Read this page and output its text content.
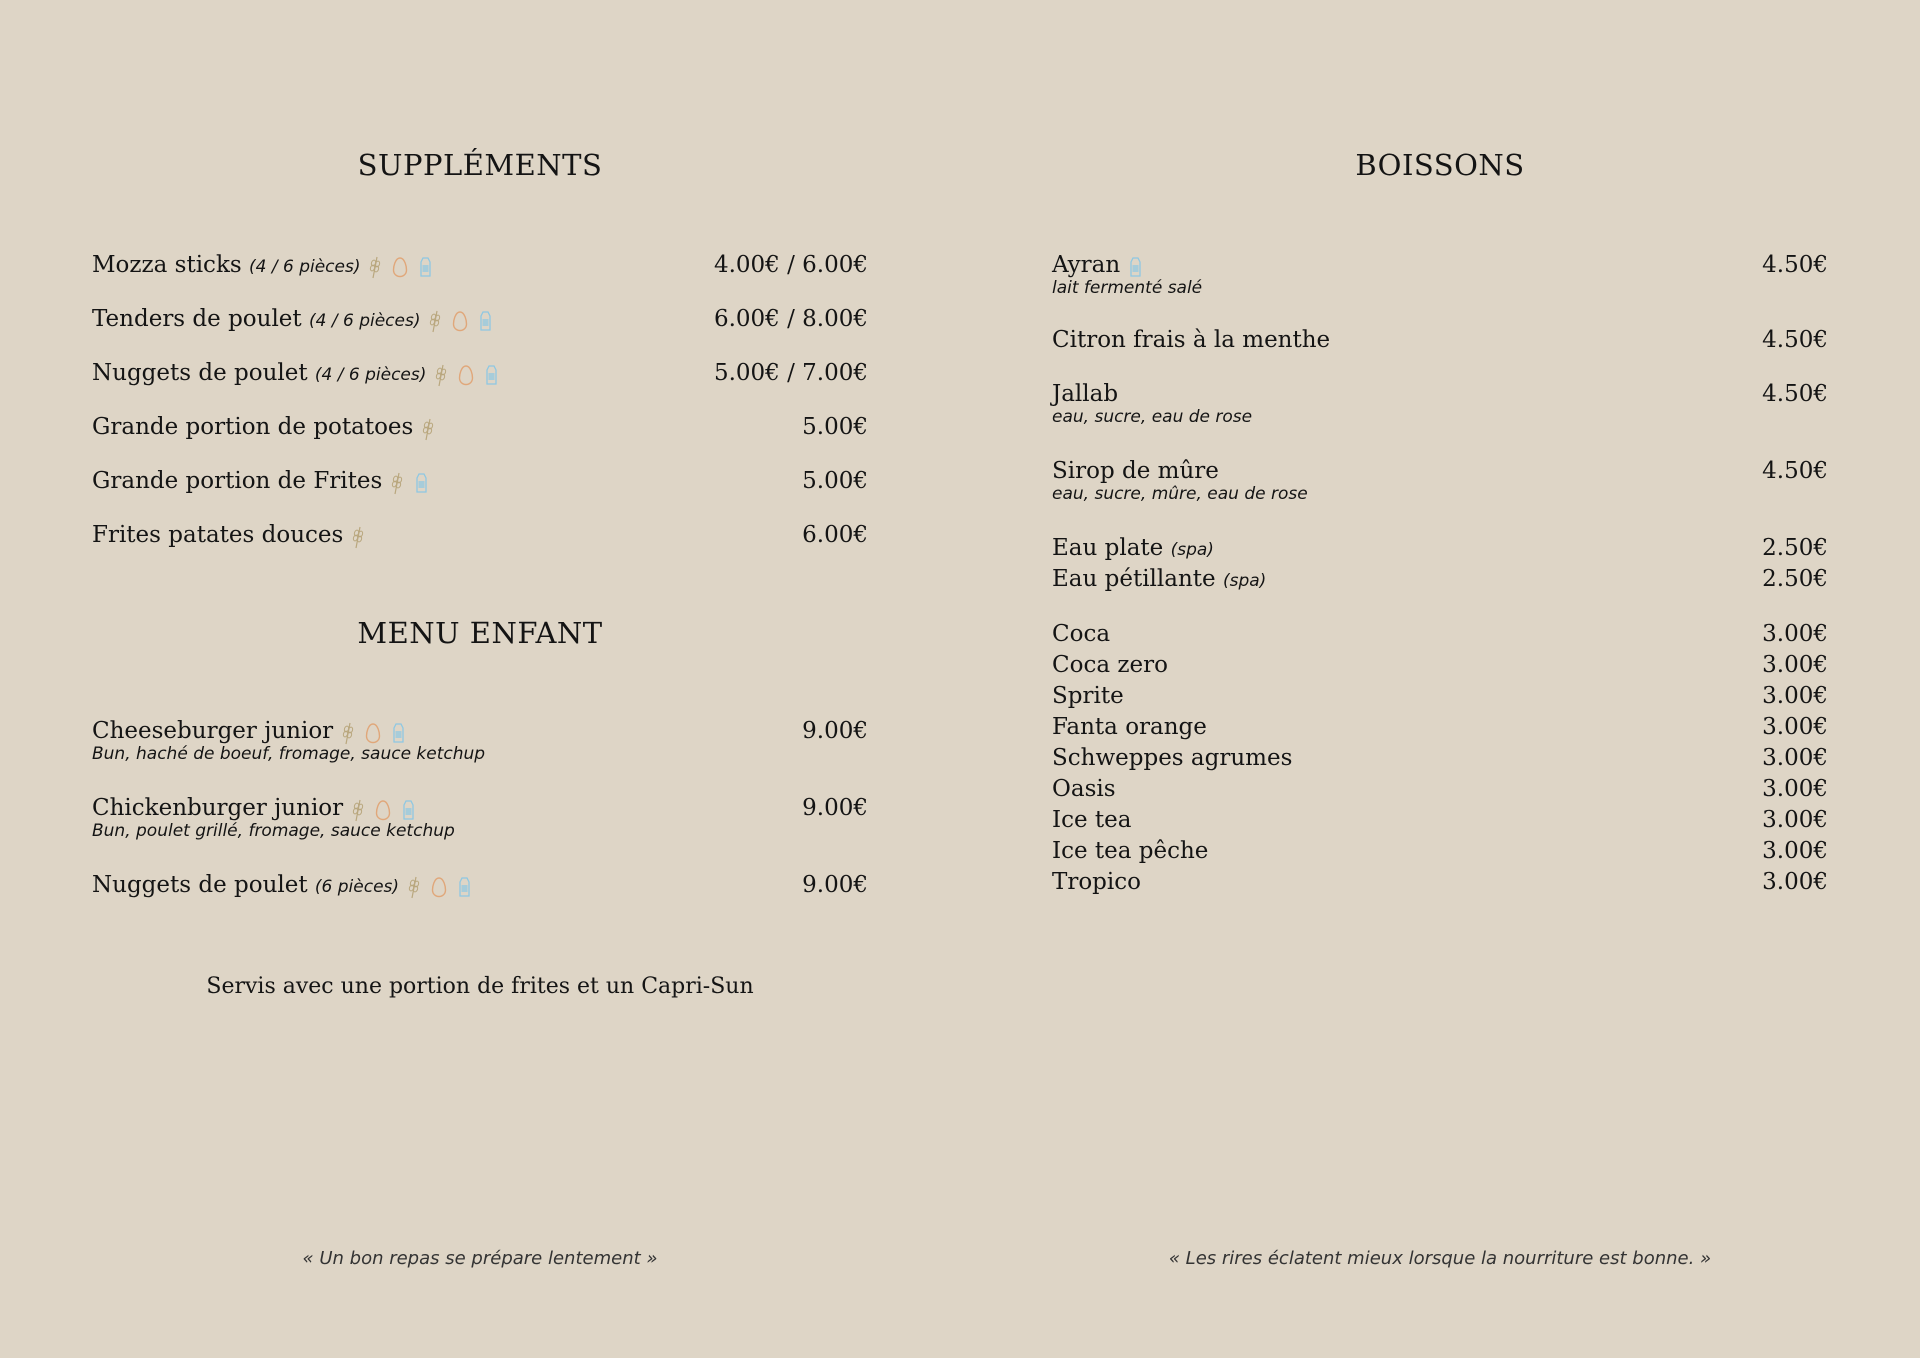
SUPPLÉMENTS
Mozza sticks (4 / 6 pièces)	4.00€ / 6.00€
Tenders de poulet (4 / 6 pièces)	6.00€ / 8.00€
Nuggets de poulet (4 / 6 pièces)	5.00€ / 7.00€
Grande portion de potatoes	5.00€
Grande portion de Frites	5.00€
Frites patates douces	6.00€
MENU ENFANT
Cheeseburger junior	9.00€
Bun, haché de boeuf, fromage, sauce ketchup
Chickenburger junior	9.00€
Bun, poulet grillé, fromage, sauce ketchup
Nuggets de poulet (6 pièces)	9.00€
Servis avec une portion de frites et un Capri-Sun
« Un bon repas se prépare lentement »
BOISSONS
Ayran	4.50€
lait fermenté salé
Citron frais à la menthe	4.50€
Jallab	4.50€
eau, sucre, eau de rose
Sirop de mûre	4.50€
eau, sucre, mûre, eau de rose
Eau plate (spa)	2.50€
Eau pétillante (spa)	2.50€
Coca	3.00€
Coca zero	3.00€
Sprite	3.00€
Fanta orange	3.00€
Schweppes agrumes	3.00€
Oasis	3.00€
Ice tea	3.00€
Ice tea pêche	3.00€
Tropico	3.00€
« Les rires éclatent mieux lorsque la nourriture est bonne. »
